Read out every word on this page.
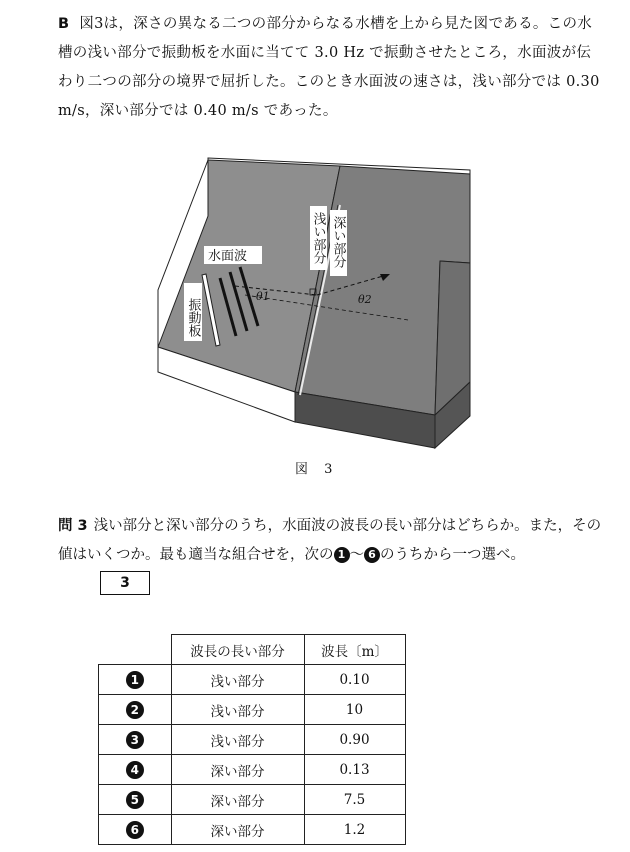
B 図3は，深さの異なる二つの部分からなる水槽を上から見た図である。この水槽の浅い部分で振動板を水面に当てて 3.0 Hz で振動させたところ，水面波が伝わり二つの部分の境界で屈折した。このとき水面波の速さは，浅い部分では 0.30 m/s，深い部分では 0.40 m/s であった。
水面波
振動板
浅い部分 深い部分
θ1	θ2
図 3
問 3 浅い部分と深い部分のうち，水面波の波長の長い部分はどちらか。また，その値はいくつか。最も適当な組合せを，次の 1 ～ 6 のうちから一つ選べ。
3
	波長の長い部分	波長〔m〕
1	浅い部分	0.10
2	浅い部分	10
3	浅い部分	0.90
4	深い部分	0.13
5	深い部分	7.5
6	深い部分	1.2
